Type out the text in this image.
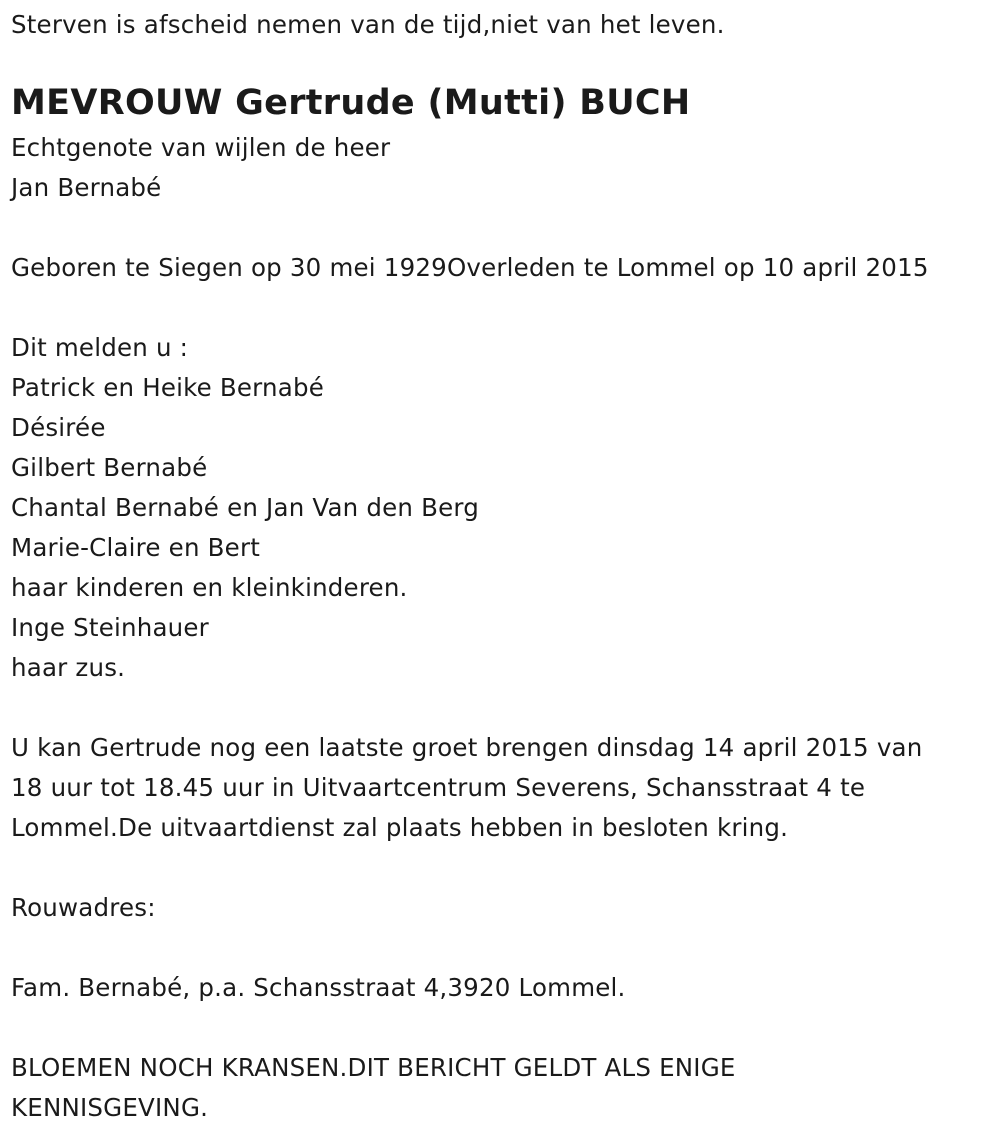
Sterven is afscheid nemen van de tijd,niet van het leven.
MEVROUW Gertrude (Mutti) BUCH
Echtgenote van wijlen de heer
Jan Bernabé
Geboren te Siegen op 30 mei 1929Overleden te Lommel op 10 april 2015
Dit melden u :
Patrick en Heike Bernabé
Désirée
Gilbert Bernabé
Chantal Bernabé en Jan Van den Berg
Marie-Claire en Bert
haar kinderen en kleinkinderen.
Inge Steinhauer
haar zus.
U kan Gertrude nog een laatste groet brengen dinsdag 14 april 2015 van
18 uur tot 18.45 uur in Uitvaartcentrum Severens, Schansstraat 4 te
Lommel.De uitvaartdienst zal plaats hebben in besloten kring.
Rouwadres:
Fam. Bernabé, p.a. Schansstraat 4,3920 Lommel.
BLOEMEN NOCH KRANSEN.DIT BERICHT GELDT ALS ENIGE
KENNISGEVING.
